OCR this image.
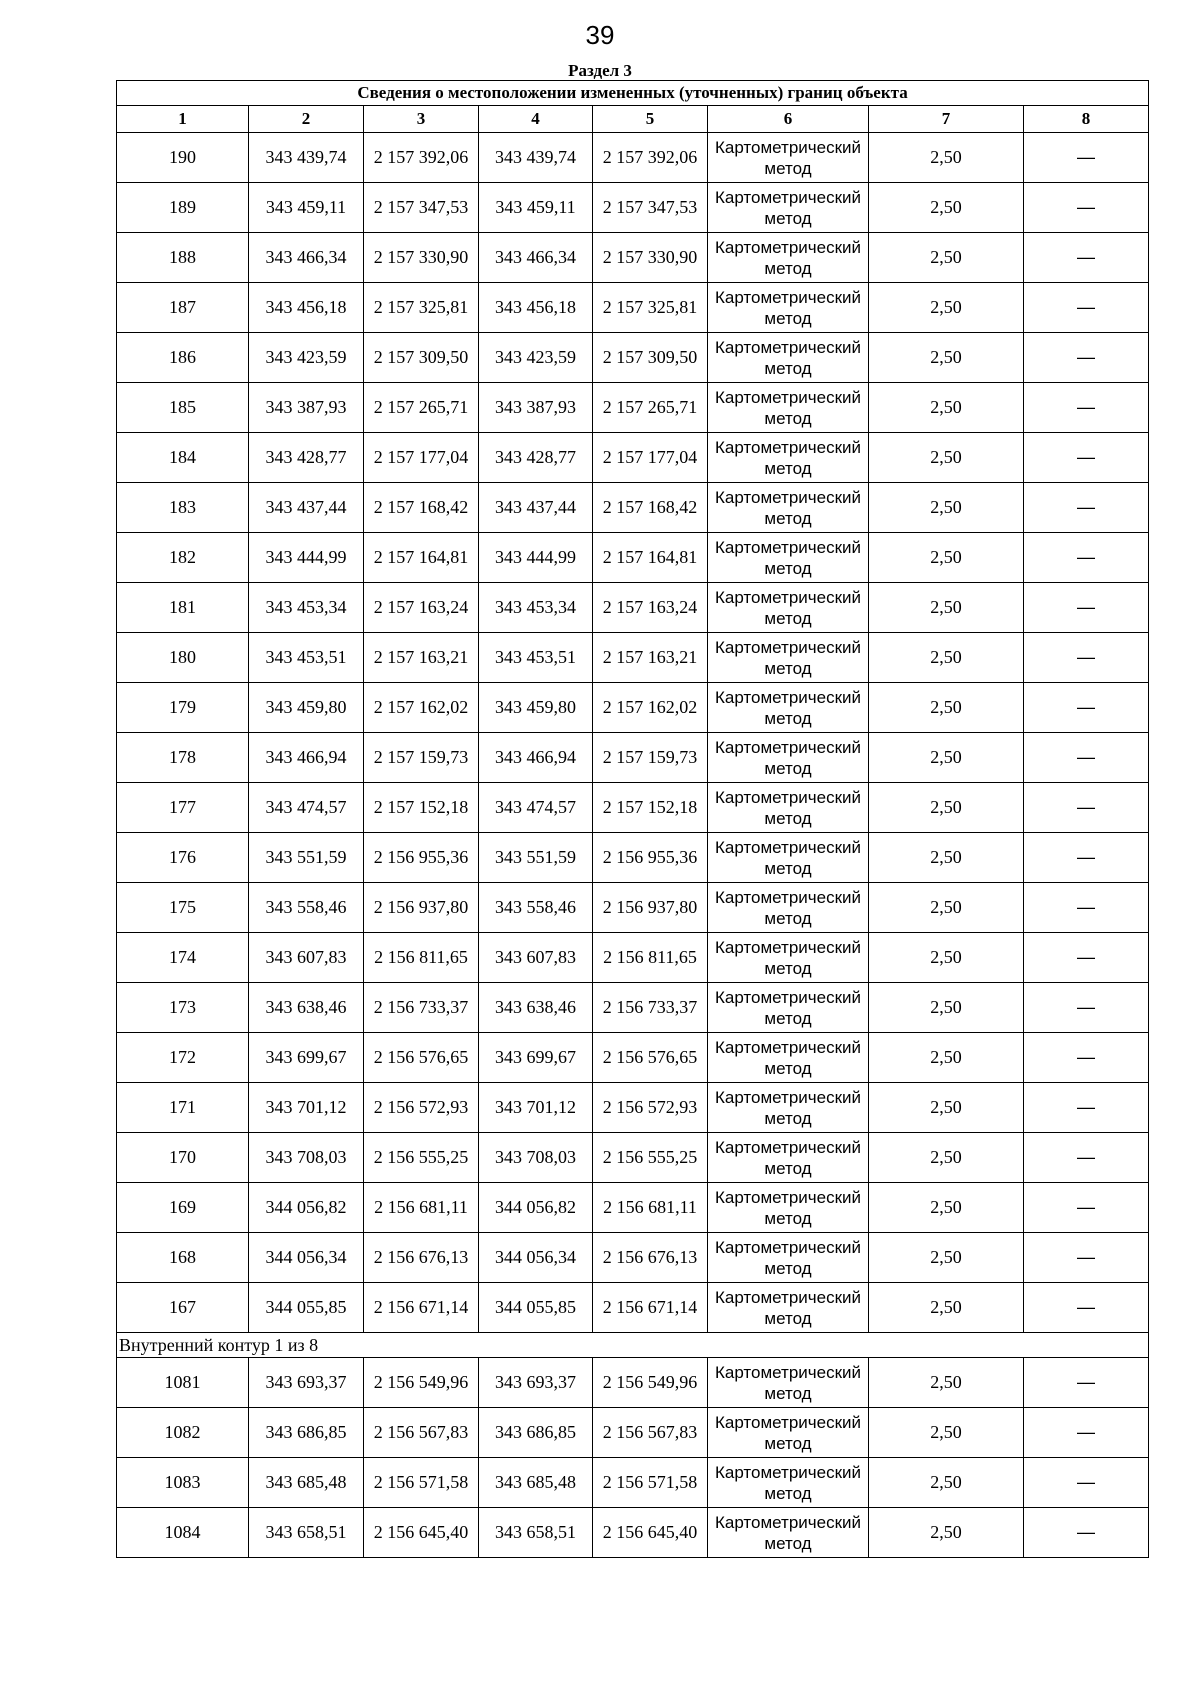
39
Раздел 3
Сведения о местоположении измененных (уточненных) границ объекта							
1	2	3	4	5	6	7	8
190	343 439,74	2 157 392,06	343 439,74	2 157 392,06	Картометрический метод	2,50	—
189	343 459,11	2 157 347,53	343 459,11	2 157 347,53	Картометрический метод	2,50	—
188	343 466,34	2 157 330,90	343 466,34	2 157 330,90	Картометрический метод	2,50	—
187	343 456,18	2 157 325,81	343 456,18	2 157 325,81	Картометрический метод	2,50	—
186	343 423,59	2 157 309,50	343 423,59	2 157 309,50	Картометрический метод	2,50	—
185	343 387,93	2 157 265,71	343 387,93	2 157 265,71	Картометрический метод	2,50	—
184	343 428,77	2 157 177,04	343 428,77	2 157 177,04	Картометрический метод	2,50	—
183	343 437,44	2 157 168,42	343 437,44	2 157 168,42	Картометрический метод	2,50	—
182	343 444,99	2 157 164,81	343 444,99	2 157 164,81	Картометрический метод	2,50	—
181	343 453,34	2 157 163,24	343 453,34	2 157 163,24	Картометрический метод	2,50	—
180	343 453,51	2 157 163,21	343 453,51	2 157 163,21	Картометрический метод	2,50	—
179	343 459,80	2 157 162,02	343 459,80	2 157 162,02	Картометрический метод	2,50	—
178	343 466,94	2 157 159,73	343 466,94	2 157 159,73	Картометрический метод	2,50	—
177	343 474,57	2 157 152,18	343 474,57	2 157 152,18	Картометрический метод	2,50	—
176	343 551,59	2 156 955,36	343 551,59	2 156 955,36	Картометрический метод	2,50	—
175	343 558,46	2 156 937,80	343 558,46	2 156 937,80	Картометрический метод	2,50	—
174	343 607,83	2 156 811,65	343 607,83	2 156 811,65	Картометрический метод	2,50	—
173	343 638,46	2 156 733,37	343 638,46	2 156 733,37	Картометрический метод	2,50	—
172	343 699,67	2 156 576,65	343 699,67	2 156 576,65	Картометрический метод	2,50	—
171	343 701,12	2 156 572,93	343 701,12	2 156 572,93	Картометрический метод	2,50	—
170	343 708,03	2 156 555,25	343 708,03	2 156 555,25	Картометрический метод	2,50	—
169	344 056,82	2 156 681,11	344 056,82	2 156 681,11	Картометрический метод	2,50	—
168	344 056,34	2 156 676,13	344 056,34	2 156 676,13	Картометрический метод	2,50	—
167	344 055,85	2 156 671,14	344 055,85	2 156 671,14	Картометрический метод	2,50	—
Внутренний контур 1 из 8							
1081	343 693,37	2 156 549,96	343 693,37	2 156 549,96	Картометрический метод	2,50	—
1082	343 686,85	2 156 567,83	343 686,85	2 156 567,83	Картометрический метод	2,50	—
1083	343 685,48	2 156 571,58	343 685,48	2 156 571,58	Картометрический метод	2,50	—
1084	343 658,51	2 156 645,40	343 658,51	2 156 645,40	Картометрический метод	2,50	—
